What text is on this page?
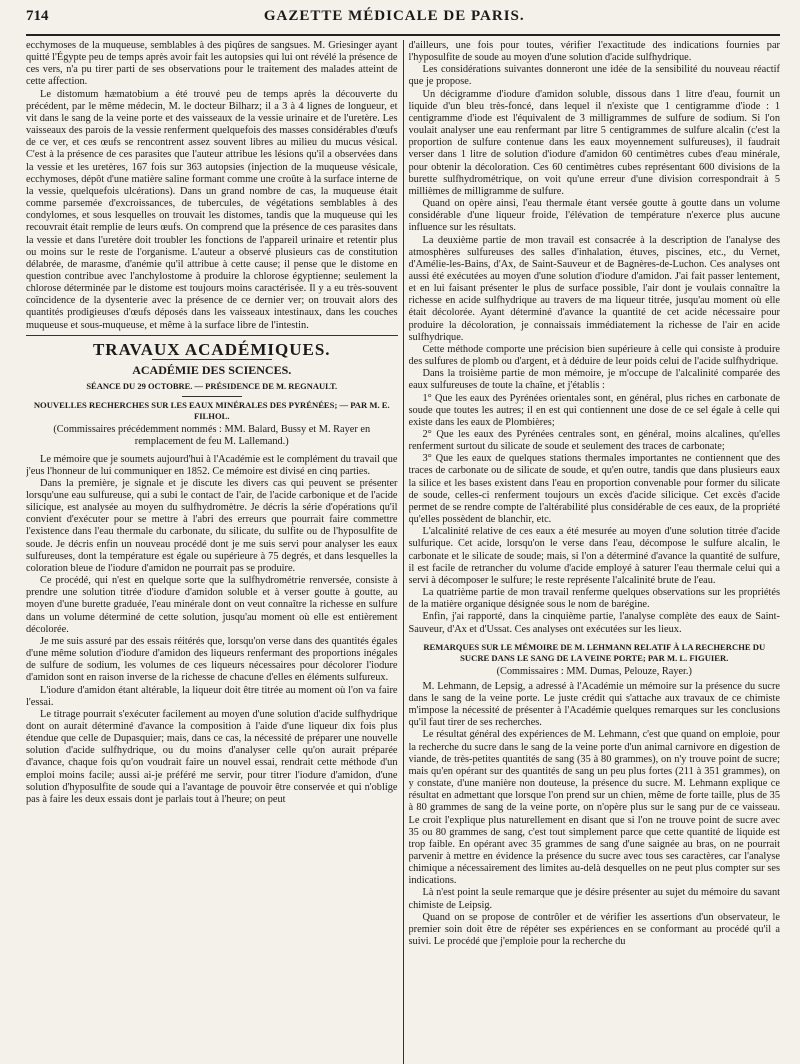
714	GAZETTE MÉDICALE DE PARIS.

ecchymoses de la muqueuse, semblables à des piqûres de sangsues. M. Griesinger ayant quitté l'Égypte peu de temps après avoir fait les autopsies qui lui ont révélé la présence de ces vers, n'a pu tirer parti de ses observations pour le traitement des malades atteint de cette affection.

Le distomum hæmatobium a été trouvé peu de temps après la découverte du précédent, par le même médecin, M. le docteur Bilharz; il a 3 à 4 lignes de longueur, et vit dans le sang de la veine porte et des vaisseaux de la vessie urinaire et de l'uretère. Les vaisseaux des parois de la vessie renferment quelquefois des masses considérables d'œufs de ce ver, et ces œufs se rencontrent assez souvent libres au milieu du mucus vésical. C'est à la présence de ces parasites que l'auteur attribue les lésions qu'il a observées dans la vessie et les uretères, 167 fois sur 363 autopsies (injection de la muqueuse vésicale, ecchymoses, dépôt d'une matière saline formant comme une croûte à la surface interne de la vessie, quelquefois ulcérations). Dans un grand nombre de cas, la muqueuse était comme parsemée d'excroissances, de tubercules, de végétations semblables à des condylomes, et sous lesquelles on trouvait les distomes, tandis que la muqueuse qui les recouvrait était remplie de leurs œufs. On comprend que la présence de ces parasites dans la vessie et dans l'uretère doit troubler les fonctions de l'appareil urinaire et retentir plus ou moins sur le reste de l'organisme. L'auteur a observé plusieurs cas de constitution délabrée, de marasme, d'anémie qu'il attribue à cette cause; il pense que le distome en question contribue avec l'anchylostome à produire la chlorose égyptienne; seulement la chlorose déterminée par le distome est toujours moins caractérisée. Il y a eu très-souvent coïncidence de la dysenterie avec la présence de ce dernier ver; on trouvait alors des quantités prodigieuses d'œufs déposés dans les vaisseaux intestinaux, dans les couches muqueuse et sous-muqueuse, et même à la surface libre de l'intestin.

TRAVAUX ACADÉMIQUES.
ACADÉMIE DES SCIENCES.
SÉANCE DU 29 OCTOBRE. — PRÉSIDENCE DE M. REGNAULT.
NOUVELLES RECHERCHES SUR LES EAUX MINÉRALES DES PYRÉNÉES; — PAR M. E. FILHOL.

(Commissaires précédemment nommés : MM. Balard, Bussy et M. Rayer en remplacement de feu M. Lallemand.)

Le mémoire que je soumets aujourd'hui à l'Académie est le complément du travail que j'eus l'honneur de lui communiquer en 1852. Ce mémoire est divisé en cinq parties.

Dans la première, je signale et je discute les divers cas qui peuvent se présenter lorsqu'une eau sulfureuse, qui a subi le contact de l'air, de l'acide carbonique et de l'acide silicique, est analysée au moyen du sulfhydromètre. Je décris la série d'opérations qu'il convient d'exécuter pour se mettre à l'abri des erreurs que pourrait faire commettre l'existence dans l'eau thermale du carbonate, du silicate, du sulfite ou de l'hyposulfite de soude. Je décris enfin un nouveau procédé dont je me suis servi pour analyser les eaux sulfureuses, dont la température est égale ou supérieure à 75 degrés, et dans lesquelles la coloration bleue de l'iodure d'amidon ne pourrait pas se produire.

Ce procédé, qui n'est en quelque sorte que la sulfhydrométrie renversée, consiste à prendre une solution titrée d'iodure d'amidon soluble et à verser goutte à goutte, au moyen d'une burette graduée, l'eau minérale dont on veut connaître la richesse en sulfure dans un volume déterminé de cette solution, jusqu'au moment où elle est entièrement décolorée.

Je me suis assuré par des essais réitérés que, lorsqu'on verse dans des quantités égales d'une même solution d'iodure d'amidon des liqueurs renfermant des proportions inégales de sulfure de sodium, les volumes de ces liqueurs nécessaires pour décolorer l'iodure d'amidon sont en raison inverse de la richesse de chacune d'elles en éléments sulfureux.

L'iodure d'amidon étant altérable, la liqueur doit être titrée au moment où l'on va faire l'essai.

Le titrage pourrait s'exécuter facilement au moyen d'une solution d'acide sulfhydrique dont on aurait déterminé d'avance la composition à l'aide d'une liqueur dix fois plus étendue que celle de Dupasquier; mais, dans ce cas, la nécessité de préparer une nouvelle solution d'acide sulfhydrique, ou du moins d'analyser celle qu'on aurait préparée d'avance, chaque fois qu'on voudrait faire un nouvel essai, rendrait cette méthode d'un emploi moins facile; aussi ai-je préféré me servir, pour titrer l'iodure d'amidon, d'une solution d'hyposulfite de soude qui a l'avantage de pouvoir être conservée et qui n'oblige pas à faire les deux essais dont je parlais tout à l'heure; on peut

d'ailleurs, une fois pour toutes, vérifier l'exactitude des indications fournies par l'hyposulfite de soude au moyen d'une solution d'acide sulfhydrique.

Les considérations suivantes donneront une idée de la sensibilité du nouveau réactif que je propose.

Un décigramme d'iodure d'amidon soluble, dissous dans 1 litre d'eau, fournit un liquide d'un bleu très-foncé, dans lequel il n'existe que 1 centigramme d'iode : 1 centigramme d'iode est l'équivalent de 3 milligrammes de sulfure de sodium. Si l'on voulait analyser une eau renfermant par litre 5 centigrammes de sulfure alcalin (c'est la proportion de sulfure contenue dans les eaux moyennement sulfureuses), il faudrait verser dans 1 litre de solution d'iodure d'amidon 60 centimètres cubes d'eau minérale, pour obtenir la décoloration. Ces 60 centimètres cubes représentant 600 divisions de la burette sulfhydrométrique, on voit qu'une erreur d'une division correspondrait à 5 millièmes de milligramme de sulfure.

Quand on opère ainsi, l'eau thermale étant versée goutte à goutte dans un volume considérable d'une liqueur froide, l'élévation de température n'exerce plus aucune influence sur les résultats.

La deuxième partie de mon travail est consacrée à la description de l'analyse des atmosphères sulfureuses des salles d'inhalation, étuves, piscines, etc., du Vernet, d'Amélie-les-Bains, d'Ax, de Saint-Sauveur et de Bagnères-de-Luchon. Ces analyses ont aussi été exécutées au moyen d'une solution d'iodure d'amidon. J'ai fait passer lentement, et en lui faisant présenter le plus de surface possible, l'air dont je voulais connaître la richesse en acide sulfhydrique au travers de ma liqueur titrée, jusqu'au moment où elle était décolorée. Ayant déterminé d'avance la quantité de cet acide nécessaire pour produire la décoloration, je connaissais immédiatement la richesse de l'air en acide sulfhydrique.

Cette méthode comporte une précision bien supérieure à celle qui consiste à produire des sulfures de plomb ou d'argent, et à déduire de leur poids celui de l'acide sulfhydrique.

Dans la troisième partie de mon mémoire, je m'occupe de l'alcalinité comparée des eaux sulfureuses de toute la chaîne, et j'établis :

1° Que les eaux des Pyrénées orientales sont, en général, plus riches en carbonate de soude que toutes les autres; il en est qui contiennent une dose de ce sel égale à celle qui existe dans les eaux de Plombières;

2° Que les eaux des Pyrénées centrales sont, en général, moins alcalines, qu'elles renferment surtout du silicate de soude et seulement des traces de carbonate;

3° Que les eaux de quelques stations thermales importantes ne contiennent que des traces de carbonate ou de silicate de soude, et qu'en outre, tandis que dans plusieurs eaux la silice et les bases existent dans l'eau en proportion convenable pour former du silicate de soude, celles-ci renferment toujours un excès d'acide silicique. Cet excès d'acide permet de se rendre compte de l'altérabilité plus considérable de ces eaux, de la propriété qu'elles possèdent de blanchir, etc.

L'alcalinité relative de ces eaux a été mesurée au moyen d'une solution titrée d'acide sulfurique. Cet acide, lorsqu'on le verse dans l'eau, décompose le sulfure alcalin, le carbonate et le silicate de soude; mais, si l'on a déterminé d'avance la quantité de sulfure, il est facile de retrancher du volume d'acide employé à saturer l'eau thermale celui qui a servi à décomposer le sulfure; le reste représente l'alcalinité brute de l'eau.

La quatrième partie de mon travail renferme quelques observations sur les propriétés de la matière organique désignée sous le nom de barégine.

Enfin, j'ai rapporté, dans la cinquième partie, l'analyse complète des eaux de Saint-Sauveur, d'Ax et d'Ussat. Ces analyses ont exécutées sur les lieux.

REMARQUES SUR LE MÉMOIRE DE M. LEHMANN RELATIF À LA RECHERCHE DU SUCRE DANS LE SANG DE LA VEINE PORTE; PAR M. L. FIGUIER.
(Commissaires : MM. Dumas, Pelouze, Rayer.)

M. Lehmann, de Lepsig, a adressé à l'Académie un mémoire sur la présence du sucre dans le sang de la veine porte. Le juste crédit qui s'attache aux travaux de ce chimiste m'impose la nécessité de présenter à l'Académie quelques remarques sur les conclusions qu'il faut tirer de ses recherches.

Le résultat général des expériences de M. Lehmann, c'est que quand on emploie, pour la recherche du sucre dans le sang de la veine porte d'un animal carnivore en digestion de viande, de très-petites quantités de sang (35 à 80 grammes), on n'y trouve point de sucre; mais qu'en opérant sur des quantités de sang un peu plus fortes (211 à 351 grammes), on y constate, d'une manière non douteuse, la présence du sucre. M. Lehmann explique ce résultat en admettant que lorsque l'on prend sur un chien, même de forte taille, plus de 35 à 80 grammes de sang de la veine porte, on n'opère plus sur le sang pur de ce vaisseau. Le croit l'explique plus naturellement en disant que si l'on ne trouve point de sucre avec 35 ou 80 grammes de sang, c'est tout simplement parce que cette quantité de liquide est trop faible. En opérant avec 35 grammes de sang d'une saignée au bras, on ne pourrait parvenir à mettre en évidence la présence du sucre avec tous ses caractères, car l'analyse chimique a nécessairement des limites au-delà desquelles on ne peut plus compter sur ses indications.

Là n'est point la seule remarque que je désire présenter au sujet du mémoire du savant chimiste de Leipsig.

Quand on se propose de contrôler et de vérifier les assertions d'un observateur, le premier soin doit être de répéter ses expériences en se conformant au procédé qu'il a suivi. Le procédé que j'emploie pour la recherche du
